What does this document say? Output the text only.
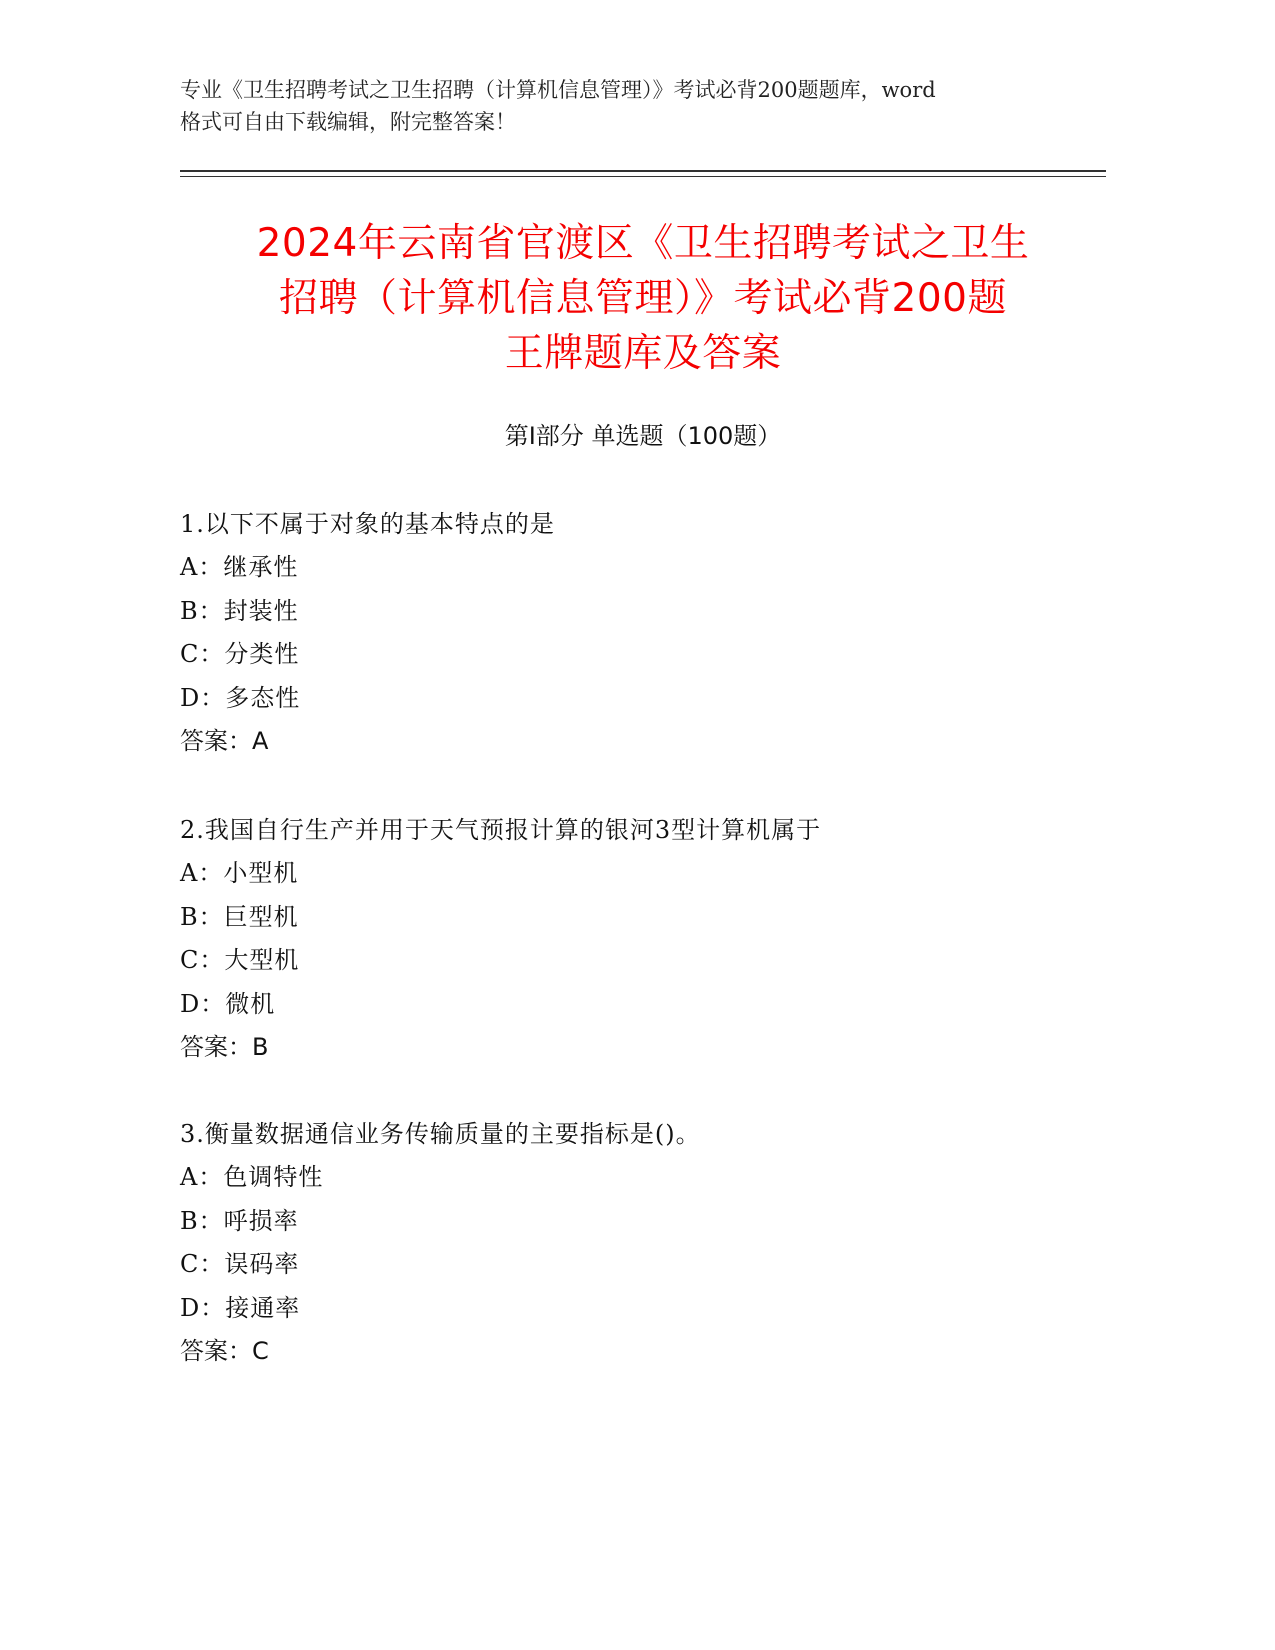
专业《卫生招聘考试之卫生招聘（计算机信息管理）》考试必背200题题库，word
格式可自由下载编辑，附完整答案！
2024年云南省官渡区《卫生招聘考试之卫生
招聘（计算机信息管理）》考试必背200题
王牌题库及答案
第Ⅰ部分 单选题（100题）
1.以下不属于对象的基本特点的是
A：继承性
B：封装性
C：分类性
D：多态性
答案：A
2.我国自行生产并用于天气预报计算的银河3型计算机属于
A：小型机
B：巨型机
C：大型机
D：微机
答案：B
3.衡量数据通信业务传输质量的主要指标是()。
A：色调特性
B：呼损率
C：误码率
D：接通率
答案：C
